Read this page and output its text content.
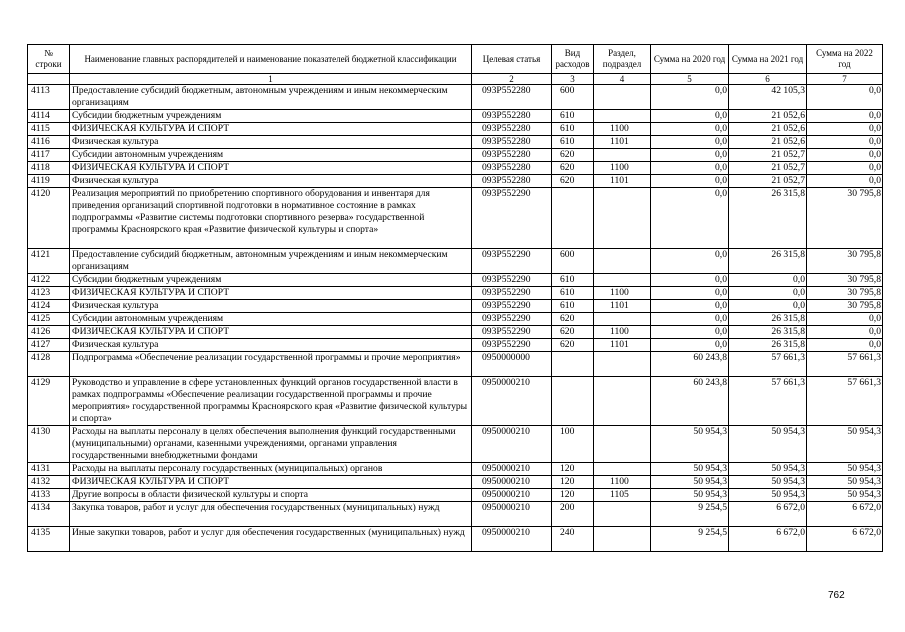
№ строки	Наименование главных распорядителей и наименование показателей бюджетной классификации	Целевая статья	Вид расходов	Раздел, подраздел	Сумма на 2020 год	Сумма на 2021 год	Сумма на 2022 год
	1	2	3	4	5	6	7
4113	Предоставление субсидий бюджетным, автономным учреждениям и иным некоммерческим организациям	093P552280	600		0,0	42 105,3	0,0
4114	Субсидии бюджетным учреждениям	093P552280	610		0,0	21 052,6	0,0
4115	ФИЗИЧЕСКАЯ КУЛЬТУРА И СПОРТ	093P552280	610	1100	0,0	21 052,6	0,0
4116	Физическая культура	093P552280	610	1101	0,0	21 052,6	0,0
4117	Субсидии автономным учреждениям	093P552280	620		0,0	21 052,7	0,0
4118	ФИЗИЧЕСКАЯ КУЛЬТУРА И СПОРТ	093P552280	620	1100	0,0	21 052,7	0,0
4119	Физическая культура	093P552280	620	1101	0,0	21 052,7	0,0
4120	Реализация мероприятий по приобретению спортивного оборудования и инвентаря для приведения организаций спортивной подготовки в нормативное состояние в рамках подпрограммы «Развитие системы подготовки спортивного резерва» государственной программы Красноярского края «Развитие физической культуры и спорта»	093P552290			0,0	26 315,8	30 795,8
4121	Предоставление субсидий бюджетным, автономным учреждениям и иным некоммерческим организациям	093P552290	600		0,0	26 315,8	30 795,8
4122	Субсидии бюджетным учреждениям	093P552290	610		0,0	0,0	30 795,8
4123	ФИЗИЧЕСКАЯ КУЛЬТУРА И СПОРТ	093P552290	610	1100	0,0	0,0	30 795,8
4124	Физическая культура	093P552290	610	1101	0,0	0,0	30 795,8
4125	Субсидии автономным учреждениям	093P552290	620		0,0	26 315,8	0,0
4126	ФИЗИЧЕСКАЯ КУЛЬТУРА И СПОРТ	093P552290	620	1100	0,0	26 315,8	0,0
4127	Физическая культура	093P552290	620	1101	0,0	26 315,8	0,0
4128	Подпрограмма «Обеспечение реализации государственной программы и прочие мероприятия»	0950000000			60 243,8	57 661,3	57 661,3
4129	Руководство и управление в сфере установленных функций органов государственной власти в рамках подпрограммы «Обеспечение реализации государственной программы и прочие мероприятия» государственной программы Красноярского края «Развитие физической культуры и спорта»	0950000210			60 243,8	57 661,3	57 661,3
4130	Расходы на выплаты персоналу в целях обеспечения выполнения функций государственными (муниципальными) органами, казенными учреждениями, органами управления государственными внебюджетными фондами	0950000210	100		50 954,3	50 954,3	50 954,3
4131	Расходы на выплаты персоналу государственных (муниципальных) органов	0950000210	120		50 954,3	50 954,3	50 954,3
4132	ФИЗИЧЕСКАЯ КУЛЬТУРА И СПОРТ	0950000210	120	1100	50 954,3	50 954,3	50 954,3
4133	Другие вопросы в области физической культуры и спорта	0950000210	120	1105	50 954,3	50 954,3	50 954,3
4134	Закупка товаров, работ и услуг для обеспечения государственных (муниципальных) нужд	0950000210	200		9 254,5	6 672,0	6 672,0
4135	Иные закупки товаров, работ и услуг для обеспечения государственных (муниципальных) нужд	0950000210	240		9 254,5	6 672,0	6 672,0
762
